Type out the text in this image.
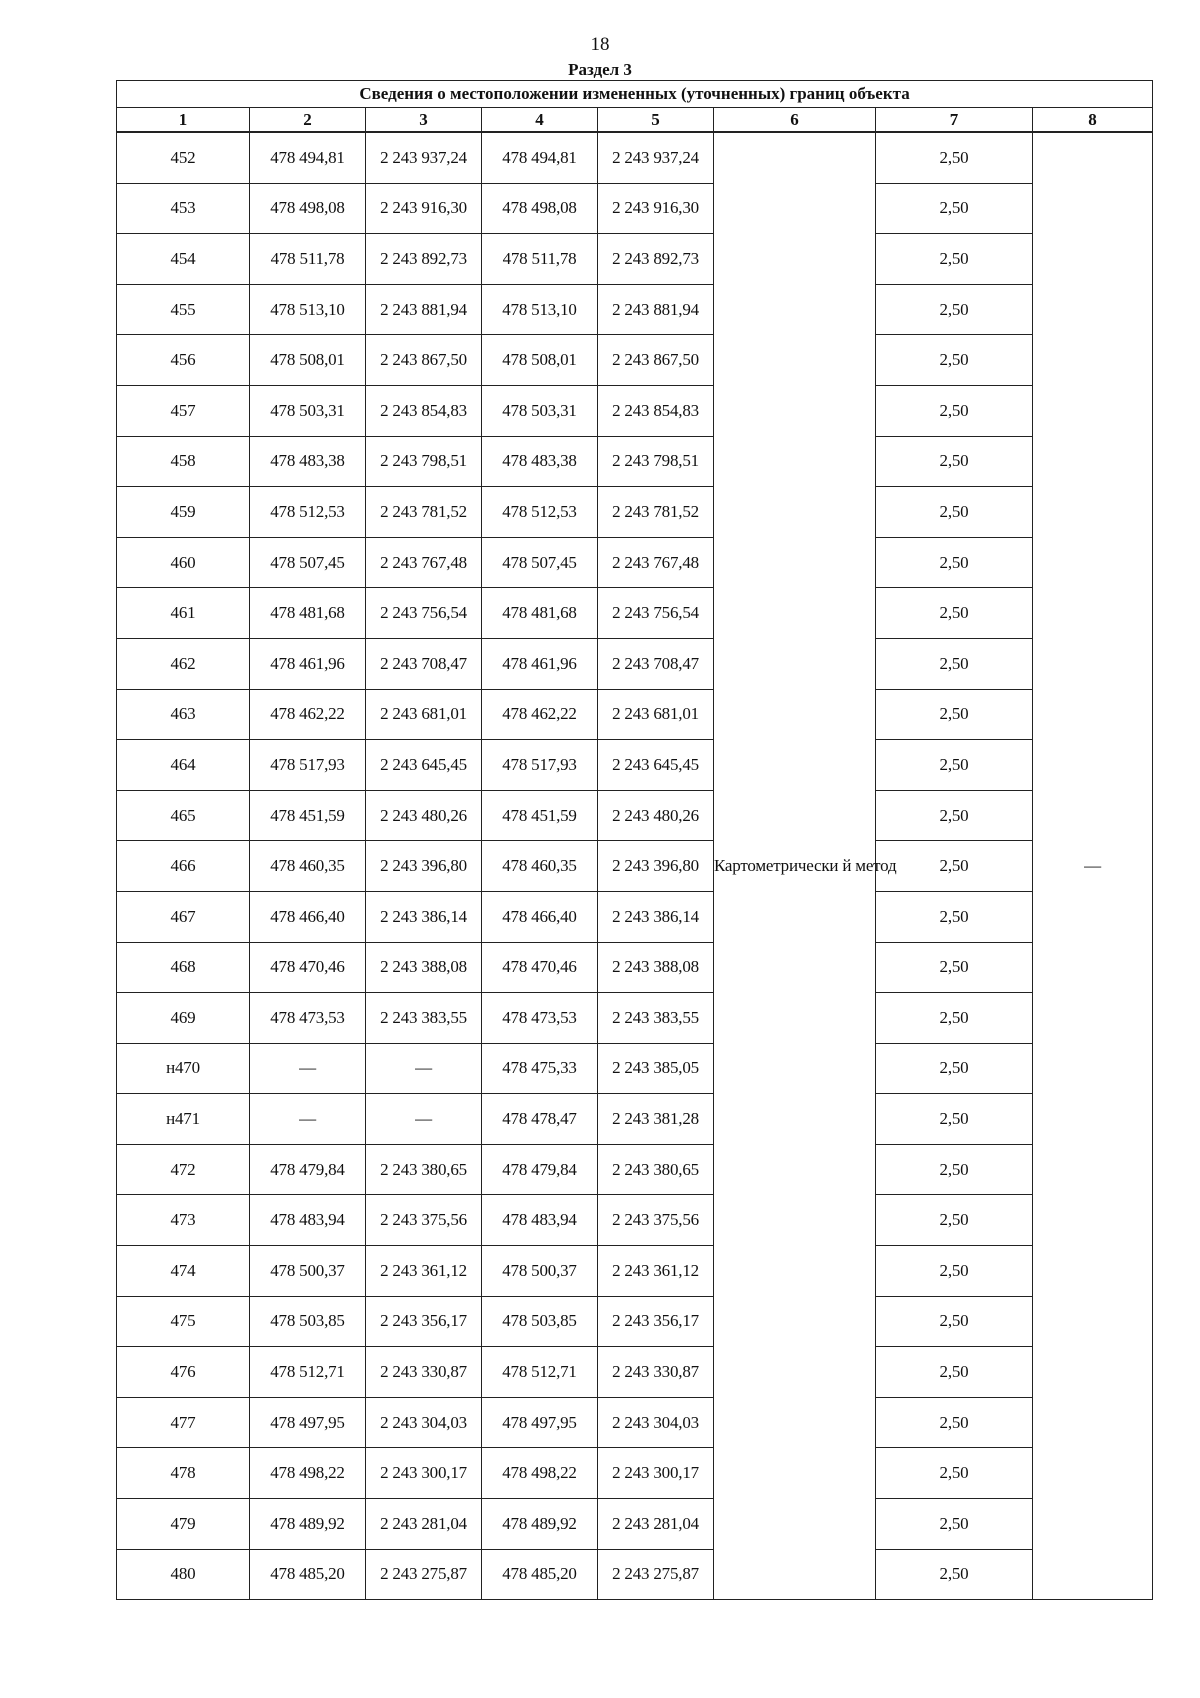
18
Раздел 3
Сведения о местоположении измененных (уточненных) границ объекта							
1	2	3	4	5	6	7	8
452	478 494,81	2 243 937,24	478 494,81	2 243 937,24	Картометрически й метод	2,50	—
453	478 498,08	2 243 916,30	478 498,08	2 243 916,30		2,50	
454	478 511,78	2 243 892,73	478 511,78	2 243 892,73		2,50	
455	478 513,10	2 243 881,94	478 513,10	2 243 881,94		2,50	
456	478 508,01	2 243 867,50	478 508,01	2 243 867,50		2,50	
457	478 503,31	2 243 854,83	478 503,31	2 243 854,83		2,50	
458	478 483,38	2 243 798,51	478 483,38	2 243 798,51		2,50	
459	478 512,53	2 243 781,52	478 512,53	2 243 781,52		2,50	
460	478 507,45	2 243 767,48	478 507,45	2 243 767,48		2,50	
461	478 481,68	2 243 756,54	478 481,68	2 243 756,54		2,50	
462	478 461,96	2 243 708,47	478 461,96	2 243 708,47		2,50	
463	478 462,22	2 243 681,01	478 462,22	2 243 681,01		2,50	
464	478 517,93	2 243 645,45	478 517,93	2 243 645,45		2,50	
465	478 451,59	2 243 480,26	478 451,59	2 243 480,26		2,50	
466	478 460,35	2 243 396,80	478 460,35	2 243 396,80		2,50	
467	478 466,40	2 243 386,14	478 466,40	2 243 386,14		2,50	
468	478 470,46	2 243 388,08	478 470,46	2 243 388,08		2,50	
469	478 473,53	2 243 383,55	478 473,53	2 243 383,55		2,50	
н470	—	—	478 475,33	2 243 385,05		2,50	
н471	—	—	478 478,47	2 243 381,28		2,50	
472	478 479,84	2 243 380,65	478 479,84	2 243 380,65		2,50	
473	478 483,94	2 243 375,56	478 483,94	2 243 375,56		2,50	
474	478 500,37	2 243 361,12	478 500,37	2 243 361,12		2,50	
475	478 503,85	2 243 356,17	478 503,85	2 243 356,17		2,50	
476	478 512,71	2 243 330,87	478 512,71	2 243 330,87		2,50	
477	478 497,95	2 243 304,03	478 497,95	2 243 304,03		2,50	
478	478 498,22	2 243 300,17	478 498,22	2 243 300,17		2,50	
479	478 489,92	2 243 281,04	478 489,92	2 243 281,04		2,50	
480	478 485,20	2 243 275,87	478 485,20	2 243 275,87		2,50	
